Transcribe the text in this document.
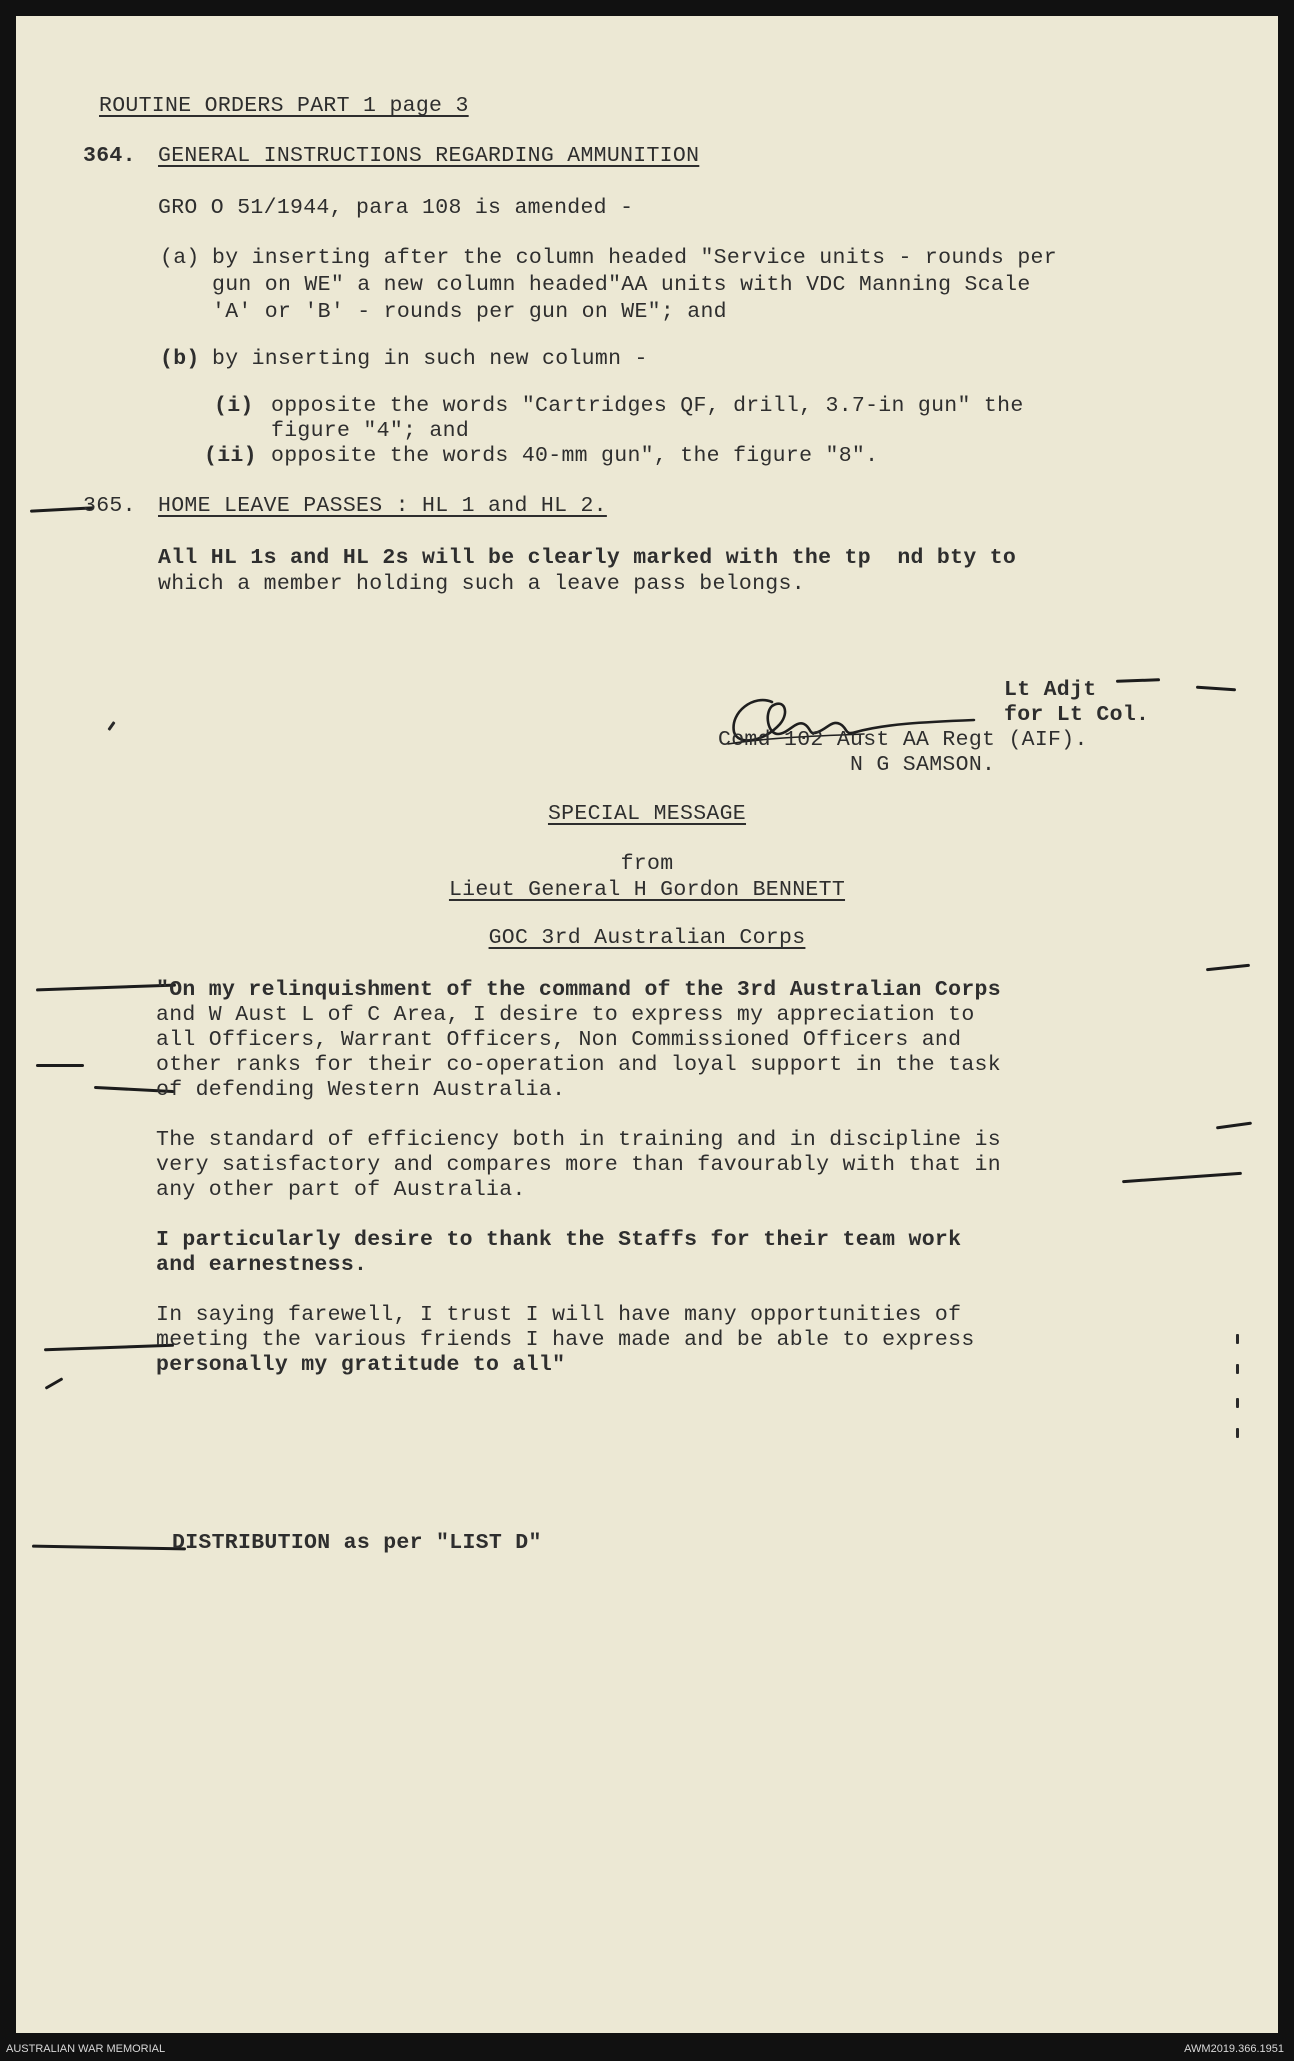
ROUTINE ORDERS PART 1 page 3
364. GENERAL INSTRUCTIONS REGARDING AMMUNITION
GRO O 51/1944, para 108 is amended -
(a) by inserting after the column headed "Service units - rounds per
gun on WE" a new column headed"AA units with VDC Manning Scale
'A' or 'B' - rounds per gun on WE"; and
(b) by inserting in such new column -
(i) opposite the words "Cartridges QF, drill, 3.7-in gun" the
figure "4"; and
(ii) opposite the words 40-mm gun", the figure "8".
365. HOME LEAVE PASSES : HL 1 and HL 2.
All HL 1s and HL 2s will be clearly marked with the tp  nd bty to
which a member holding such a leave pass belongs.
Lt Adjt
for Lt Col.
Comd 102 Aust AA Regt (AIF).
N G SAMSON.
SPECIAL MESSAGE
from
Lieut General H Gordon BENNETT
GOC 3rd Australian Corps
"On my relinquishment of the command of the 3rd Australian Corps
and W Aust L of C Area, I desire to express my appreciation to
all Officers, Warrant Officers, Non Commissioned Officers and
other ranks for their co-operation and loyal support in the task
of defending Western Australia.
The standard of efficiency both in training and in discipline is
very satisfactory and compares more than favourably with that in
any other part of Australia.
I particularly desire to thank the Staffs for their team work
and earnestness.
In saying farewell, I trust I will have many opportunities of
meeting the various friends I have made and be able to express
personally my gratitude to all"
DISTRIBUTION as per "LIST D"
AUSTRALIAN WAR MEMORIAL	AWM2019.366.1951
